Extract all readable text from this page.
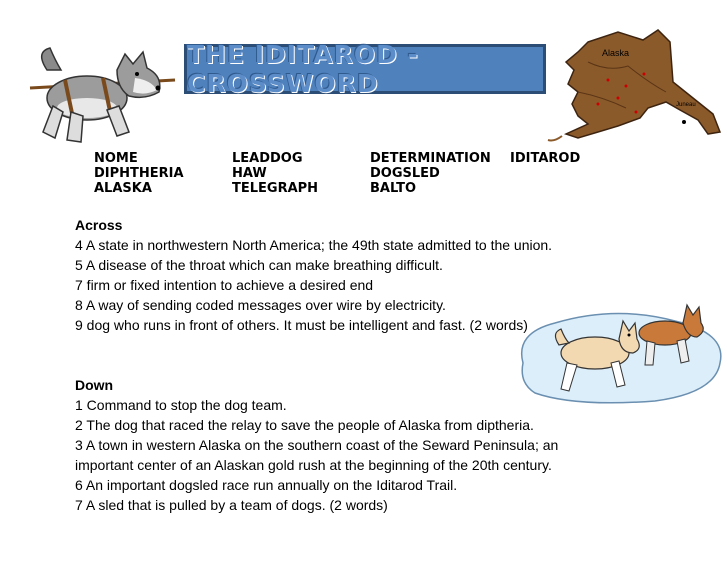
THE IDITAROD - CROSSWORD
Alaska
Juneau
NOME
DIPHTHERIA
ALASKA
LEADDOG
HAW
TELEGRAPH
DETERMINATION
DOGSLED
BALTO
IDITAROD
Across
4 A state in northwestern North America; the 49th state admitted to the union.
5 A disease of the throat which can make breathing difficult.
7 firm or fixed intention to achieve a desired end
8 A way of sending coded messages over wire by electricity.
9 dog who runs in front of others. It must be intelligent and fast. (2 words)
Down
1 Command to stop the dog team.
2 The dog that raced the relay to save the people of Alaska from diptheria.
3 A town in western Alaska on the southern coast of the Seward Peninsula; an
important center of an Alaskan gold rush at the beginning of the 20th century.
6 An important dogsled race run annually on the Iditarod Trail.
7 A sled that is pulled by a team of dogs. (2 words)
